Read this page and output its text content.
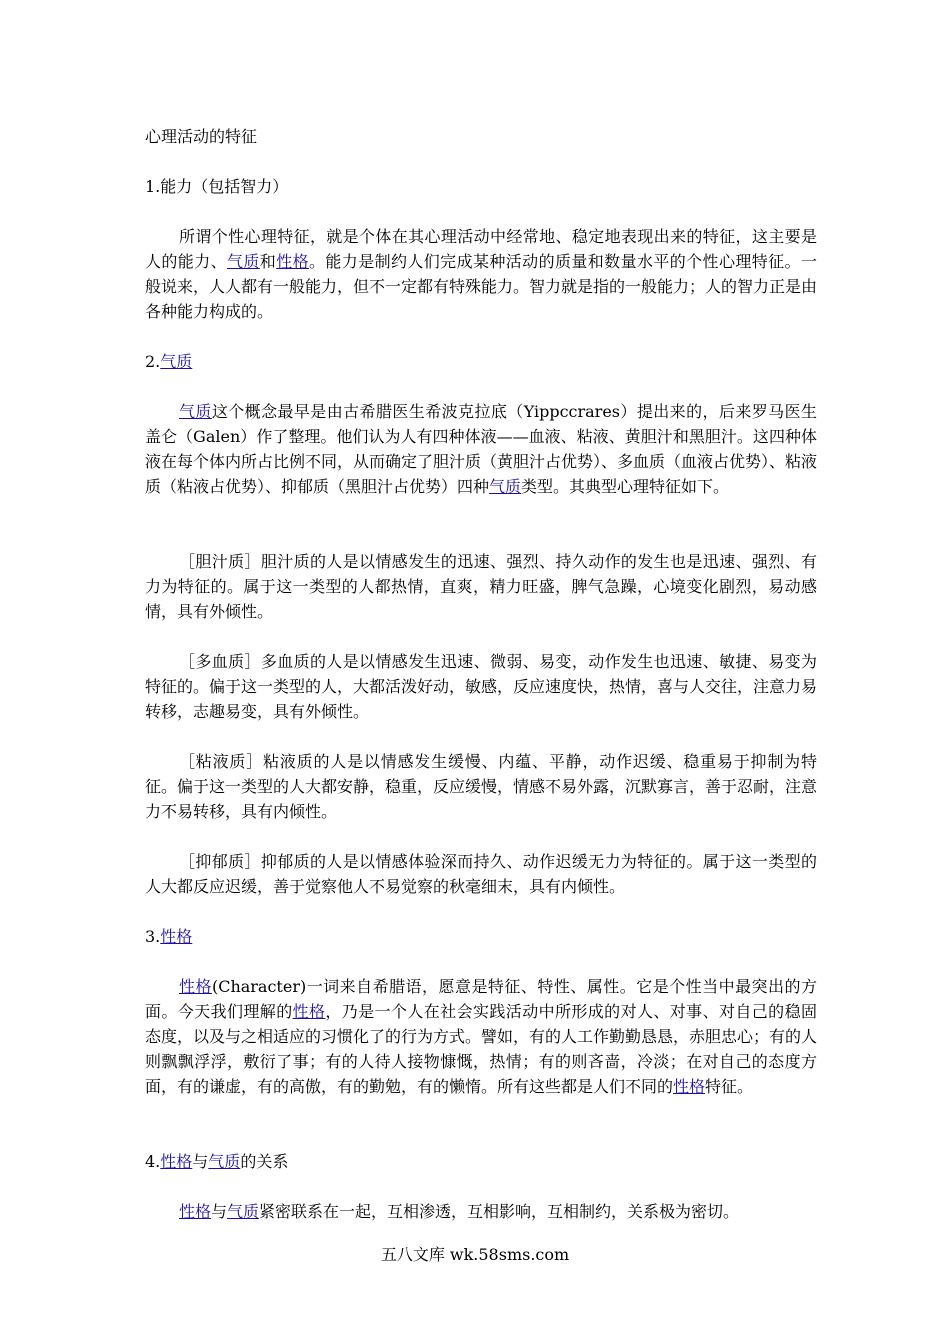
心理活动的特征

1.能力（包括智力）

所谓个性心理特征，就是个体在其心理活动中经常地、稳定地表现出来的特征，这主要是人的能力、气质和性格。能力是制约人们完成某种活动的质量和数量水平的个性心理特征。一般说来，人人都有一般能力，但不一定都有特殊能力。智力就是指的一般能力；人的智力正是由各种能力构成的。

2.气质

气质这个概念最早是由古希腊医生希波克拉底（Yippccrares）提出来的，后来罗马医生盖仑（Galen）作了整理。他们认为人有四种体液——血液、粘液、黄胆汁和黑胆汁。这四种体液在每个体内所占比例不同，从而确定了胆汁质（黄胆汁占优势）、多血质（血液占优势）、粘液质（粘液占优势）、抑郁质（黑胆汁占优势）四种气质类型。其典型心理特征如下。

［胆汁质］胆汁质的人是以情感发生的迅速、强烈、持久动作的发生也是迅速、强烈、有力为特征的。属于这一类型的人都热情，直爽，精力旺盛，脾气急躁，心境变化剧烈，易动感情，具有外倾性。

［多血质］多血质的人是以情感发生迅速、微弱、易变，动作发生也迅速、敏捷、易变为特征的。偏于这一类型的人，大都活泼好动，敏感，反应速度快，热情，喜与人交往，注意力易转移，志趣易变，具有外倾性。

［粘液质］粘液质的人是以情感发生缓慢、内蕴、平静，动作迟缓、稳重易于抑制为特征。偏于这一类型的人大都安静，稳重，反应缓慢，情感不易外露，沉默寡言，善于忍耐，注意力不易转移，具有内倾性。

［抑郁质］抑郁质的人是以情感体验深而持久、动作迟缓无力为特征的。属于这一类型的人大都反应迟缓，善于觉察他人不易觉察的秋毫细末，具有内倾性。

3.性格

性格(Character)一词来自希腊语，愿意是特征、特性、属性。它是个性当中最突出的方面。今天我们理解的性格，乃是一个人在社会实践活动中所形成的对人、对事、对自己的稳固态度，以及与之相适应的习惯化了的行为方式。譬如，有的人工作勤勤恳恳，赤胆忠心；有的人则飘飘浮浮，敷衍了事；有的人待人接物慷慨，热情；有的则吝啬，冷淡；在对自己的态度方面，有的谦虚，有的高傲，有的勤勉，有的懒惰。所有这些都是人们不同的性格特征。

4.性格与气质的关系

性格与气质紧密联系在一起，互相渗透，互相影响，互相制约，关系极为密切。

五八文库 wk.58sms.com
